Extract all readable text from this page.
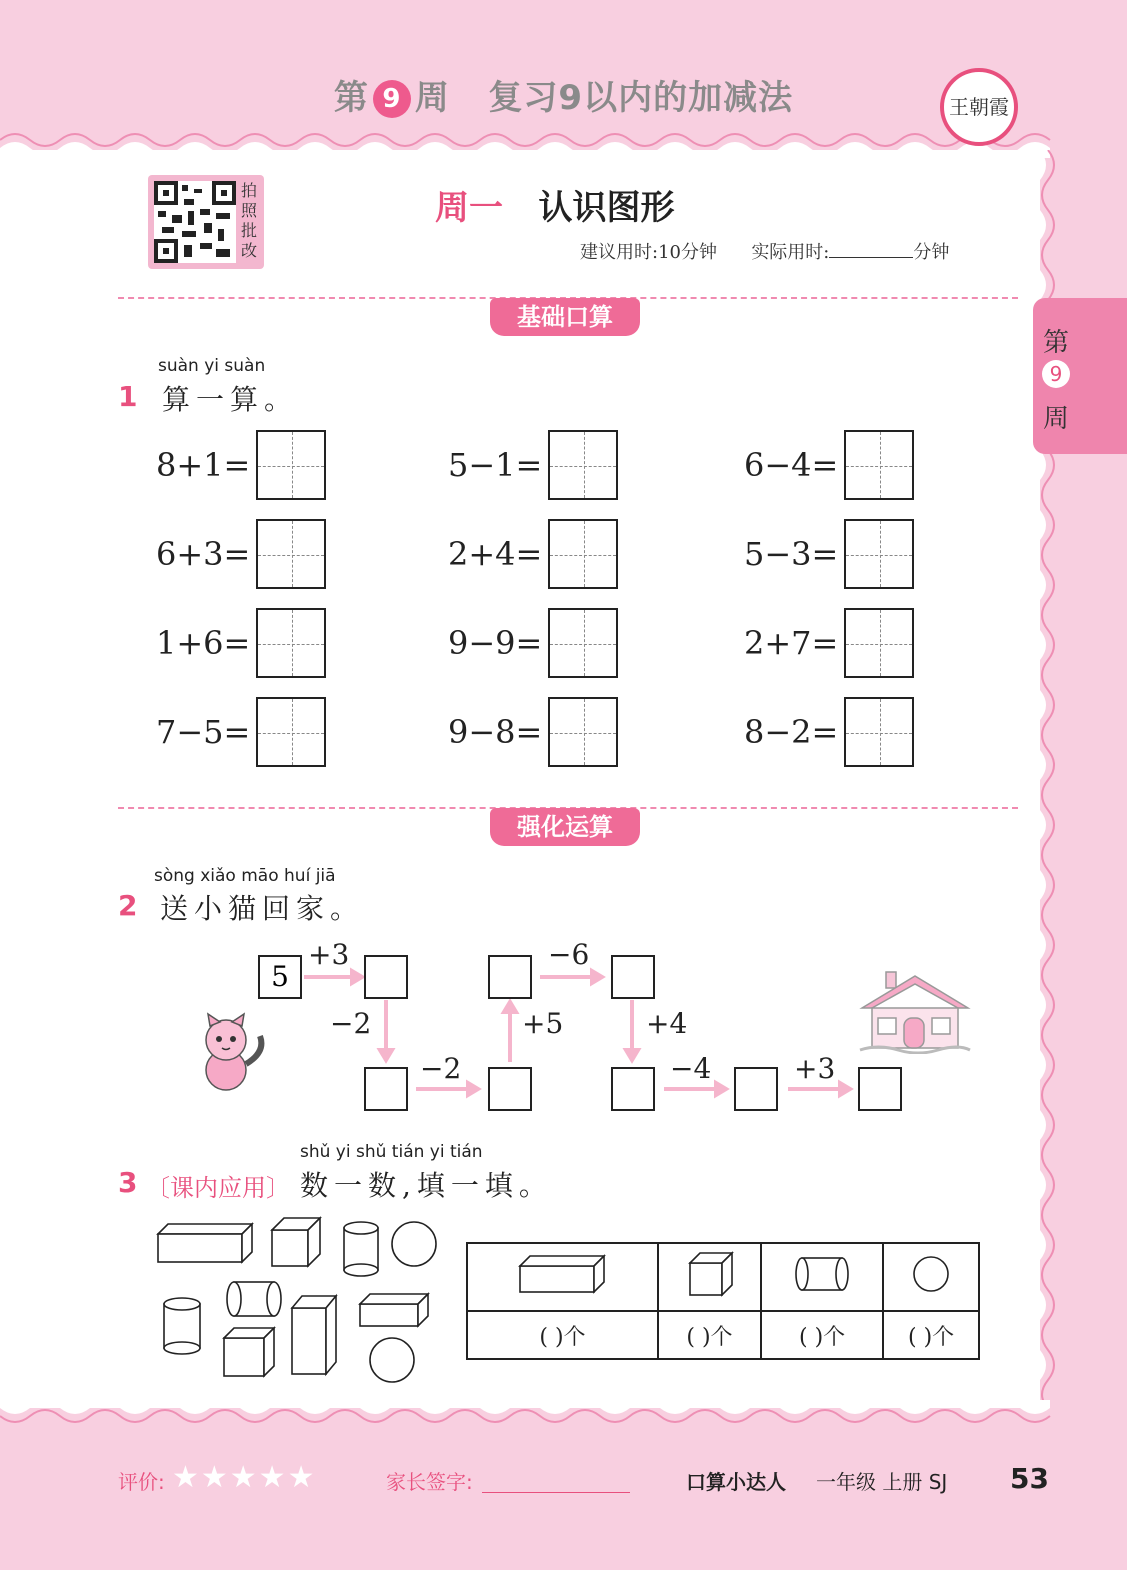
第 9 周 复习9以内的加减法	王朝霞
拍照批改
周一 认识图形
建议用时:10分钟 实际用时:	分钟
第
9
周
基础口算
suàn yi suàn
1 算一算。
8+1=	5−1=	6−4=
6+3=	2+4=	5−3=
1+6=	9−9=	2+7=
7−5=	9−8=	8−2=
强化运算
sòng xiǎo māo huí jiā
2 送小猫回家。
5
+3
−2
−2
+5
−6
+4
−4	+3
shǔ yi shǔ tián yi tián
3 〔课内应用〕 数一数,填一填。

( )个	( )个	( )个	( )个
评价: ★★★★★	家长签字:	口算小达人 一年级 上册 SJ 53
